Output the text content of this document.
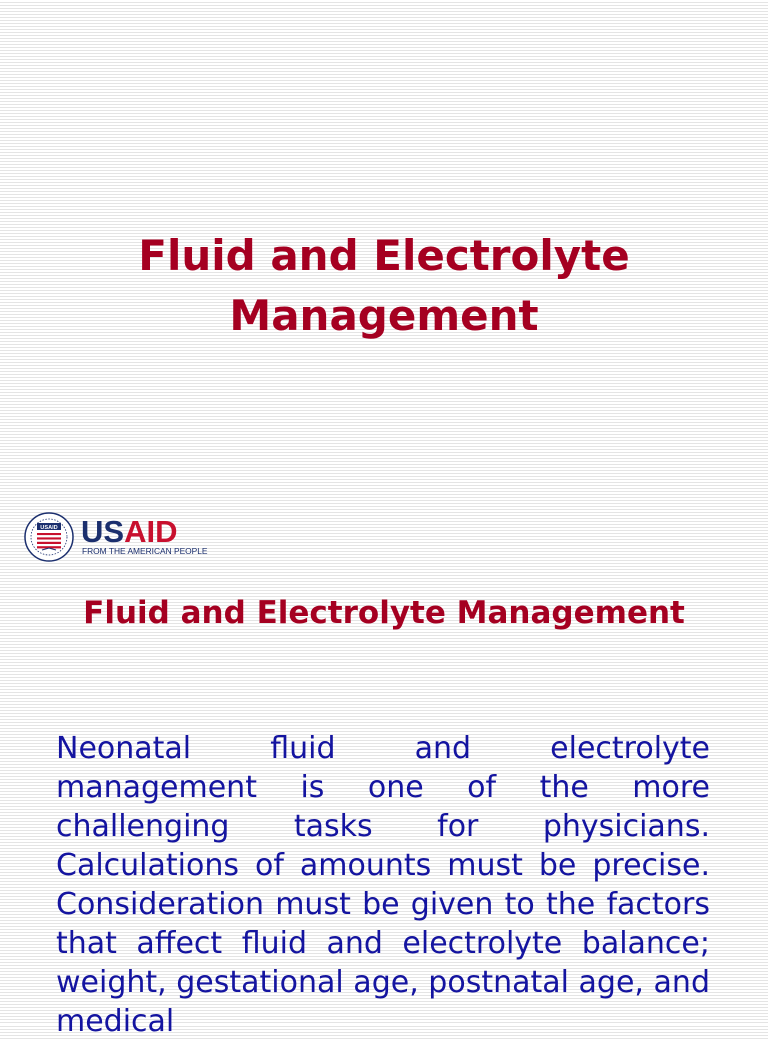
Fluid and Electrolyte Management
USAID USAID
FROM THE AMERICAN PEOPLE
Fluid and Electrolyte Management

Neonatal fluid and electrolyte management is one of the more challenging tasks for physicians. Calculations of amounts must be precise. Consideration must be given to the factors that affect fluid and electrolyte balance; weight, gestational age, postnatal age, and medical
